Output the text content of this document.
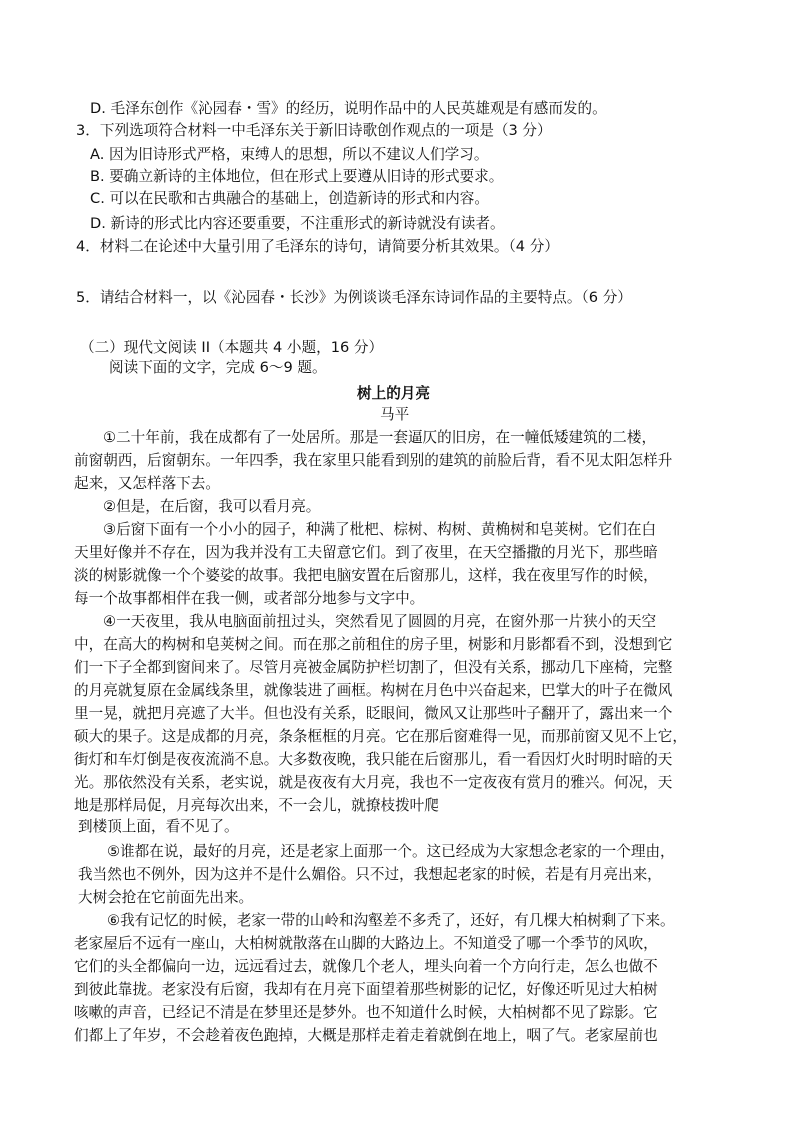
D. 毛泽东创作《沁园春・雪》的经历，说明作品中的人民英雄观是有感而发的。
3．下列选项符合材料一中毛泽东关于新旧诗歌创作观点的一项是（3 分）
A. 因为旧诗形式严格，束缚人的思想，所以不建议人们学习。
B. 要确立新诗的主体地位，但在形式上要遵从旧诗的形式要求。
C. 可以在民歌和古典融合的基础上，创造新诗的形式和内容。
D. 新诗的形式比内容还要重要，不注重形式的新诗就没有读者。
4．材料二在论述中大量引用了毛泽东的诗句，请简要分析其效果。（4 分）
5．请结合材料一，以《沁园春・长沙》为例谈谈毛泽东诗词作品的主要特点。（6 分）
（二）现代文阅读 II（本题共 4 小题，16 分）
阅读下面的文字，完成 6～9 题。
树上的月亮
马平
①二十年前，我在成都有了一处居所。那是一套逼仄的旧房，在一幢低矮建筑的二楼，
前窗朝西，后窗朝东。一年四季，我在家里只能看到别的建筑的前脸后背，看不见太阳怎样升
起来，又怎样落下去。
②但是，在后窗，我可以看月亮。
③后窗下面有一个小小的园子，种满了枇杷、棕树、构树、黄桷树和皂荚树。它们在白
天里好像并不存在，因为我并没有工夫留意它们。到了夜里，在天空播撒的月光下，那些暗
淡的树影就像一个个婆娑的故事。我把电脑安置在后窗那儿，这样，我在夜里写作的时候，
每一个故事都相伴在我一侧，或者部分地参与文字中。
④一天夜里，我从电脑面前扭过头，突然看见了圆圆的月亮，在窗外那一片狭小的天空
中，在高大的构树和皂荚树之间。而在那之前租住的房子里，树影和月影都看不到，没想到它
们一下子全都到窗间来了。尽管月亮被金属防护栏切割了，但没有关系，挪动几下座椅，完整
的月亮就复原在金属线条里，就像装进了画框。构树在月色中兴奋起来，巴掌大的叶子在微风
里一晃，就把月亮遮了大半。但也没有关系，眨眼间，微风又让那些叶子翻开了，露出来一个
硕大的果子。这是成都的月亮，条条框框的月亮。它在那后窗难得一见，而那前窗又见不上它，
街灯和车灯倒是夜夜流淌不息。大多数夜晚，我只能在后窗那儿，看一看因灯火时明时暗的天
光。那依然没有关系，老实说，就是夜夜有大月亮，我也不一定夜夜有赏月的雅兴。何况，天
地是那样局促，月亮每次出来，不一会儿，就撩枝拨叶爬
到楼顶上面，看不见了。
⑤谁都在说，最好的月亮，还是老家上面那一个。这已经成为大家想念老家的一个理由，
我当然也不例外，因为这并不是什么媚俗。只不过，我想起老家的时候，若是有月亮出来，
大树会抢在它前面先出来。
⑥我有记忆的时候，老家一带的山岭和沟壑差不多秃了，还好，有几棵大柏树剩了下来。
老家屋后不远有一座山，大柏树就散落在山脚的大路边上。不知道受了哪一个季节的风吹，
它们的头全都偏向一边，远远看过去，就像几个老人，埋头向着一个方向行走，怎么也做不
到彼此靠拢。老家没有后窗，我却有在月亮下面望着那些树影的记忆，好像还听见过大柏树
咳嗽的声音，已经记不清是在梦里还是梦外。也不知道什么时候，大柏树都不见了踪影。它
们都上了年岁，不会趁着夜色跑掉，大概是那样走着走着就倒在地上，咽了气。老家屋前也
